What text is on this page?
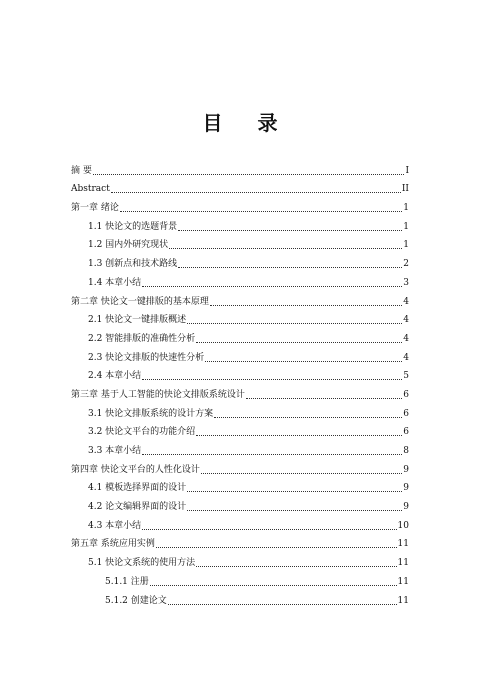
目 录
摘 要	I
Abstract	II
第一章 绪论	1
1.1 快论文的选题背景	1
1.2 国内外研究现状	1
1.3 创新点和技术路线	2
1.4 本章小结	3
第二章 快论文一键排版的基本原理	4
2.1 快论文一键排版概述	4
2.2 智能排版的准确性分析	4
2.3 快论文排版的快速性分析	4
2.4 本章小结	5
第三章 基于人工智能的快论文排版系统设计	6
3.1 快论文排版系统的设计方案	6
3.2 快论文平台的功能介绍	6
3.3 本章小结	8
第四章 快论文平台的人性化设计	9
4.1 模板选择界面的设计	9
4.2 论文编辑界面的设计	9
4.3 本章小结	10
第五章 系统应用实例	11
5.1 快论文系统的使用方法	11
5.1.1 注册	11
5.1.2 创建论文	11
